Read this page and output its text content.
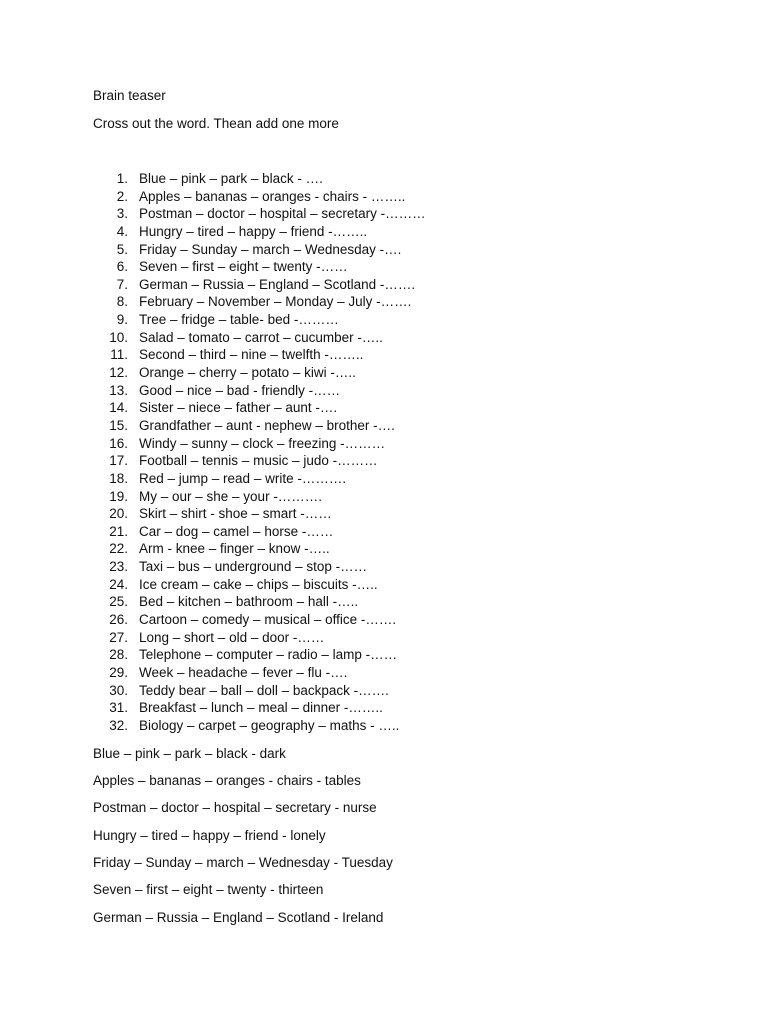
Brain teaser

Cross out the word. Thean add one more

1. Blue – pink – park – black - ….
2. Apples – bananas – oranges - chairs - ……..
3. Postman – doctor – hospital – secretary -………
4. Hungry – tired – happy – friend -……..
5. Friday – Sunday – march – Wednesday -….
6. Seven – first – eight – twenty -……
7. German – Russia – England – Scotland -…….
8. February – November – Monday – July -…….
9. Tree – fridge – table- bed -………
10. Salad – tomato – carrot – cucumber -…..
11. Second – third – nine – twelfth -……..
12. Orange – cherry – potato – kiwi -…..
13. Good – nice – bad - friendly -……
14. Sister – niece – father – aunt -….
15. Grandfather – aunt - nephew – brother -….
16. Windy – sunny – clock – freezing -………
17. Football – tennis – music – judo -………
18. Red – jump – read – write -……….
19. My – our – she – your -……….
20. Skirt – shirt - shoe – smart -……
21. Car – dog – camel – horse -……
22. Arm - knee – finger – know -…..
23. Taxi – bus – underground – stop -……
24. Ice cream – cake – chips – biscuits -…..
25. Bed – kitchen – bathroom – hall -…..
26. Cartoon – comedy – musical – office -…….
27. Long – short – old – door -……
28. Telephone – computer – radio – lamp -……
29. Week – headache – fever – flu -….
30. Teddy bear – ball – doll – backpack -…….
31. Breakfast – lunch – meal – dinner -……..
32. Biology – carpet – geography – maths - …..

Blue – pink – park – black - dark

Apples – bananas – oranges - chairs - tables

Postman – doctor – hospital – secretary - nurse

Hungry – tired – happy – friend - lonely

Friday – Sunday – march – Wednesday - Tuesday

Seven – first – eight – twenty - thirteen

German – Russia – England – Scotland - Ireland
